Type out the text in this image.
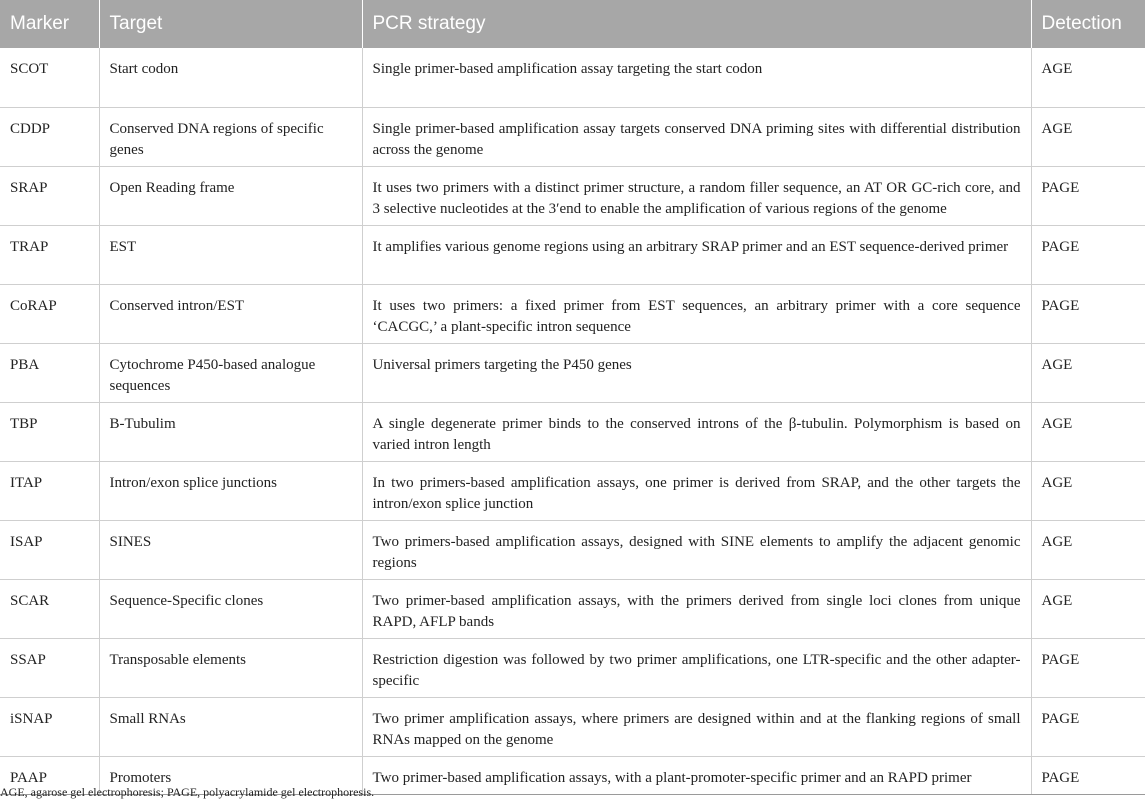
Marker	Target	PCR strategy	Detection
SCOT	Start codon	Single primer-based amplification assay targeting the start codon	AGE
CDDP	Conserved DNA regions of specific genes	Single primer-based amplification assay targets conserved DNA priming sites with differential distribution across the genome	AGE
SRAP	Open Reading frame	It uses two primers with a distinct primer structure, a random filler sequence, an AT OR GC-rich core, and 3 selective nucleotides at the 3′end to enable the amplification of various regions of the genome	PAGE
TRAP	EST	It amplifies various genome regions using an arbitrary SRAP primer and an EST sequence-derived primer	PAGE
CoRAP	Conserved intron/EST	It uses two primers: a fixed primer from EST sequences, an arbitrary primer with a core sequence ‘CACGC,’ a plant-specific intron sequence	PAGE
PBA	Cytochrome P450-based analogue sequences	Universal primers targeting the P450 genes	AGE
TBP	B-Tubulim	A single degenerate primer binds to the conserved introns of the β-tubulin. Polymorphism is based on varied intron length	AGE
ITAP	Intron/exon splice junctions	In two primers-based amplification assays, one primer is derived from SRAP, and the other targets the intron/exon splice junction	AGE
ISAP	SINES	Two primers-based amplification assays, designed with SINE elements to amplify the adjacent genomic regions	AGE
SCAR	Sequence-Specific clones	Two primer-based amplification assays, with the primers derived from single loci clones from unique RAPD, AFLP bands	AGE
SSAP	Transposable elements	Restriction digestion was followed by two primer amplifications, one LTR-specific and the other adapter-specific	PAGE
iSNAP	Small RNAs	Two primer amplification assays, where primers are designed within and at the flanking regions of small RNAs mapped on the genome	PAGE
PAAP	Promoters	Two primer-based amplification assays, with a plant-promoter-specific primer and an RAPD primer	PAGE
AGE, agarose gel electrophoresis; PAGE, polyacrylamide gel electrophoresis.
